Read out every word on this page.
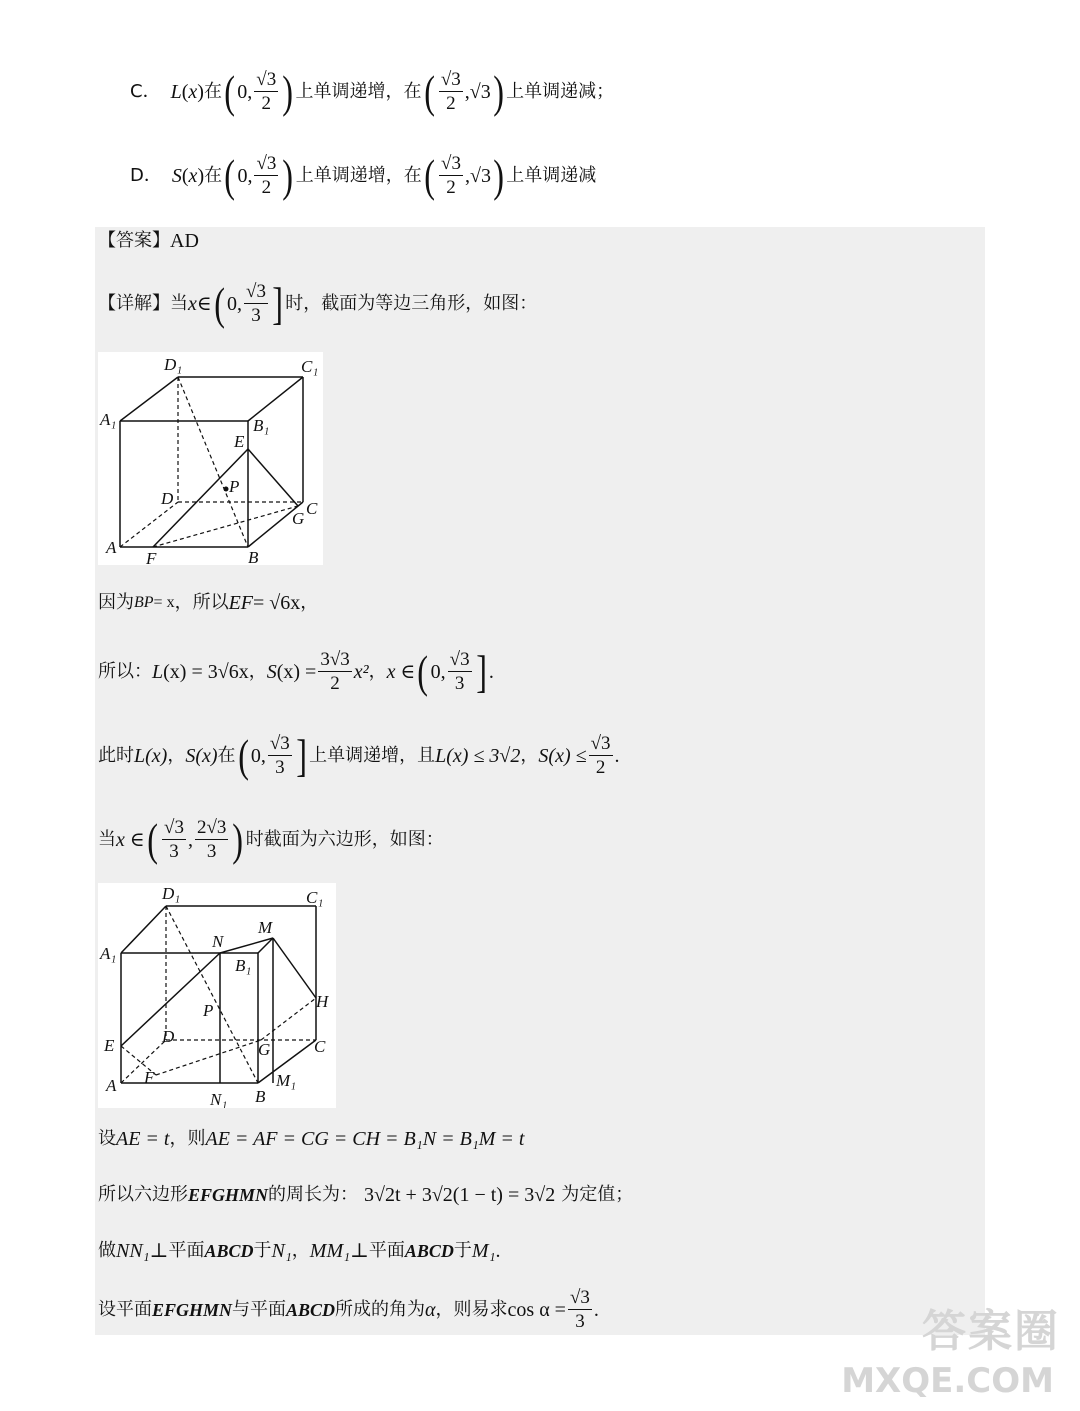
C． L ( x ) 在 ( 0, $\frac{√3}{2}$ ) 上单调递增，在 ( $\frac{√3}{2} ,√3$ ) 上单调递减；
D． S ( x ) 在 ( 0, $\frac{√3}{2}$ ) 上单调递增，在 ( $\frac{√3}{2} ,√3$ ) 上单调递减
【答案】 AD
【详解】 当 x ∈ ( 0, $\frac{√3}{3}$ ] 时，截面为等边三角形，如图：
D₁	C₁
A₁	B₁
E
P
D
C
G
A
F	B
因为 BP = x ，所以 EF = √6x ，
所以： L (x) = 3√6x ， S $(x) = \frac{3√3}{2} x^2$ ， x ∈ ( 0, $\frac{√3}{3}$ ] .
此时 L(x) ， S(x) 在 ( 0, $\frac{√3}{3}$ ] 上单调递增，且 L(x) ≤ 3√2 ， $S(x) \le \frac{√3}{2}$ .
当 x ∈ ( $\frac{√3}{3}$ , $\frac{2√3}{3}$ ) 时截面为六边形，如图：
D₁	C₁
A₁
N
M
B₁
H
P
D
E	G	C
F
A	M₁
N₁ B
设 AE = t ，则 AE = AF = CG = CH = B₁N = B₁M = t
所以六边形 EFGHMN 的周长为： 3√2t + 3√2(1 − t) = 3√2 为定值；
做 NN₁ ⊥ 平面 ABCD 于 N₁ ， MM₁ ⊥ 平面 ABCD 于 M₁ .
设平面 EFGHMN 与平面 ABCD 所成的角为 α ，则易求 $\cos \alpha = \frac{√3}{3}$ .	答案圈
MXQE.COM
